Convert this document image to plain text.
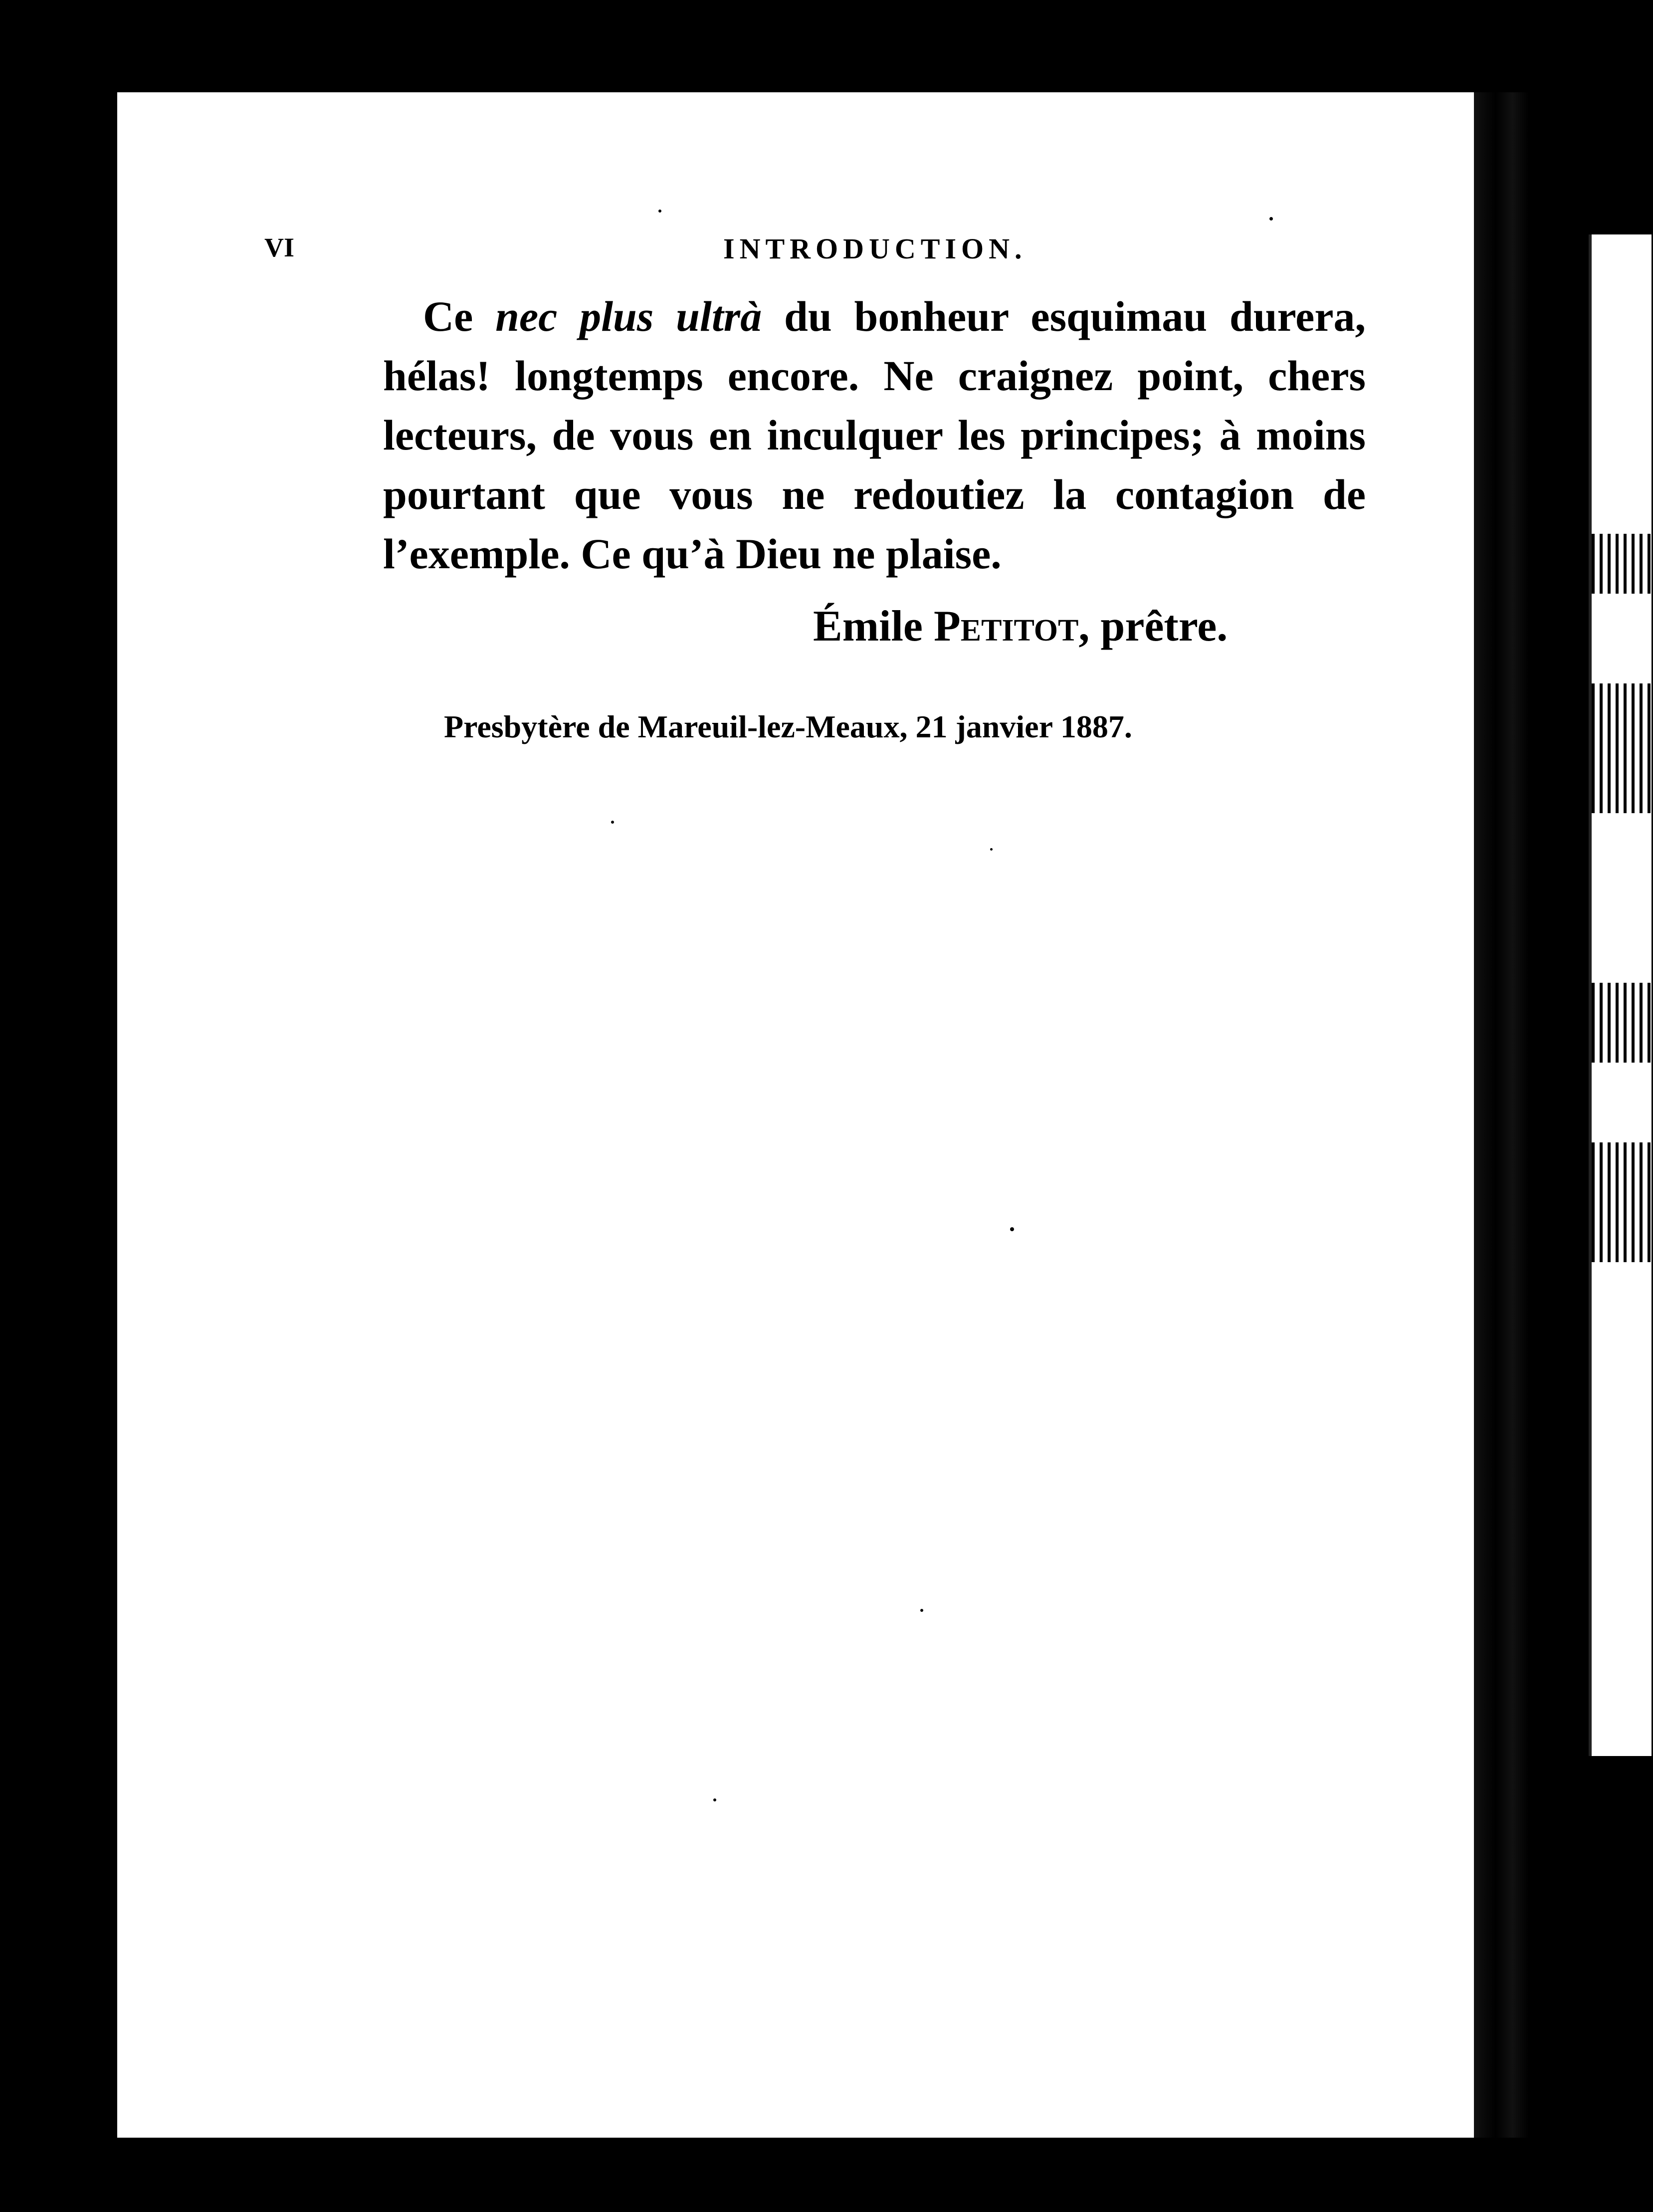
VI	INTRODUCTION.
Ce nec plus ultrà du bonheur esquimau durera,
hélas! longtemps encore. Ne craignez point, chers
lecteurs, de vous en inculquer les principes; à moins
pourtant que vous ne redoutiez la contagion de
l’exemple. Ce qu’à Dieu ne plaise.
Émile Petitot, prêtre.
Presbytère de Mareuil-lez-Meaux, 21 janvier 1887.
